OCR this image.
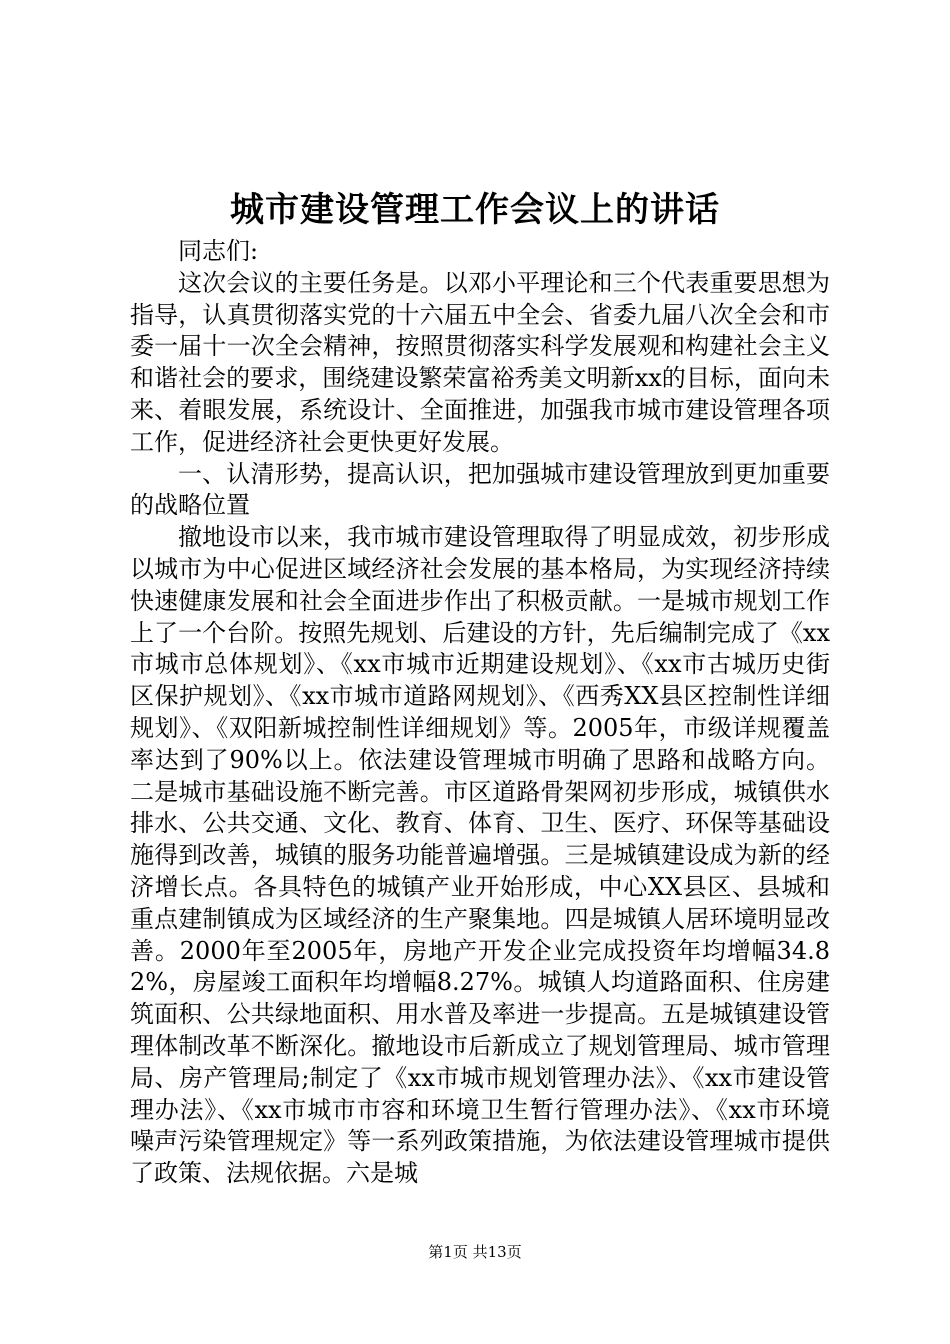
城市建设管理工作会议上的讲话

同志们:

这次会议的主要任务是。以邓小平理论和三个代表重要思想为指导，认真贯彻落实党的十六届五中全会、省委九届八次全会和市委一届十一次全会精神，按照贯彻落实科学发展观和构建社会主义和谐社会的要求，围绕建设繁荣富裕秀美文明新xx的目标，面向未来、着眼发展，系统设计、全面推进，加强我市城市建设管理各项工作，促进经济社会更快更好发展。

一、认清形势，提高认识，把加强城市建设管理放到更加重要的战略位置

撤地设市以来，我市城市建设管理取得了明显成效，初步形成以城市为中心促进区域经济社会发展的基本格局，为实现经济持续快速健康发展和社会全面进步作出了积极贡献。一是城市规划工作上了一个台阶。按照先规划、后建设的方针，先后编制完成了《xx市城市总体规划》、《xx市城市近期建设规划》、《xx市古城历史街区保护规划》、《xx市城市道路网规划》、《西秀XX县区控制性详细规划》、《双阳新城控制性详细规划》等。2005年，市级详规覆盖率达到了90%以上。依法建设管理城市明确了思路和战略方向。二是城市基础设施不断完善。市区道路骨架网初步形成，城镇供水排水、公共交通、文化、教育、体育、卫生、医疗、环保等基础设施得到改善，城镇的服务功能普遍增强。三是城镇建设成为新的经济增长点。各具特色的城镇产业开始形成，中心XX县区、县城和重点建制镇成为区域经济的生产聚集地。四是城镇人居环境明显改善。2000年至2005年，房地产开发企业完成投资年均增幅34.82%，房屋竣工面积年均增幅8.27%。城镇人均道路面积、住房建筑面积、公共绿地面积、用水普及率进一步提高。五是城镇建设管理体制改革不断深化。撤地设市后新成立了规划管理局、城市管理局、房产管理局;制定了《xx市城市规划管理办法》、《xx市建设管理办法》、《xx市城市市容和环境卫生暂行管理办法》、《xx市环境噪声污染管理规定》等一系列政策措施，为依法建设管理城市提供了政策、法规依据。六是城

第1页 共13页
